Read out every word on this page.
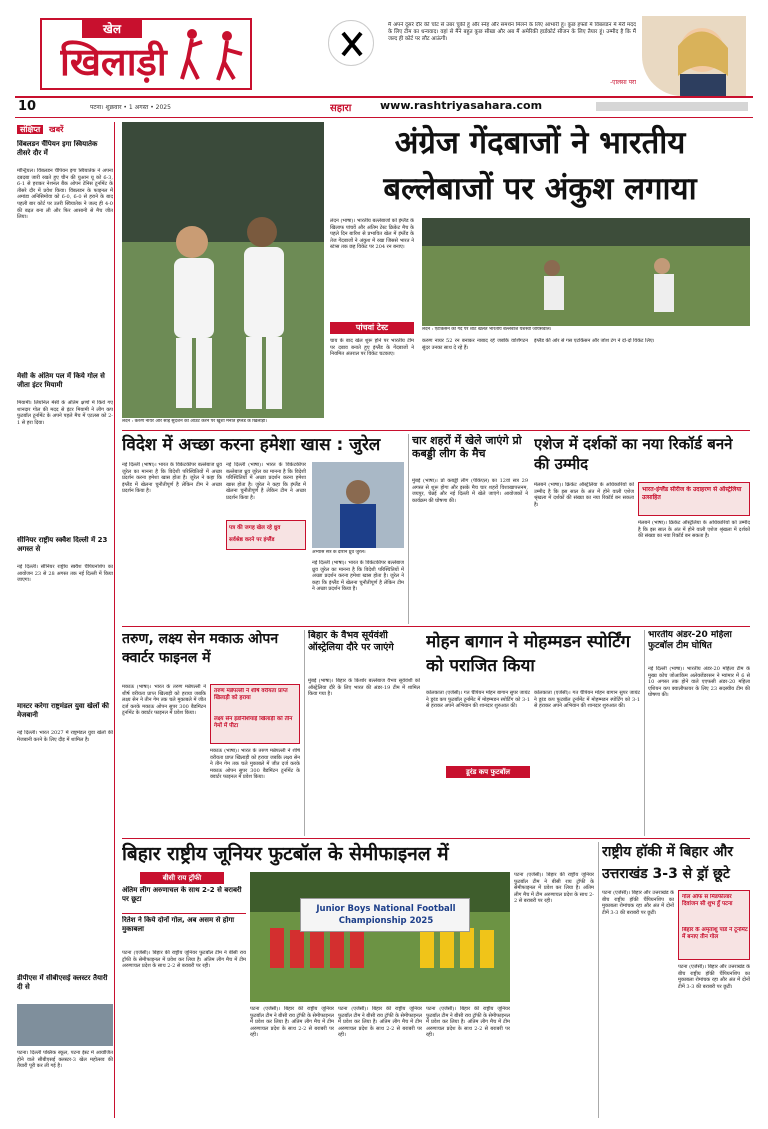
खेल
खिलाड़ी
मैं अपने दूसरे दौर की चोट से उबर चुकी हूं और स्नेह और समर्थन मिलने के लिए आभारी हूं। कुछ हफ्तों में विंबलडन में मेरी मदद के लिए टीम का धन्यवाद। वहां से मैंने बहुत कुछ सीखा और अब मैं अमेरिकी हार्डकोर्ट सीजन के लिए तैयार हूं। उम्मीद है कि मैं जल्द ही कोर्ट पर लौट आऊंगी।
-एलिसा पेरी
10	पटना। शुक्रवार • 1 अगस्त • 2025	सहारा	www.rashtriyasahara.com
संक्षिप्त खबरें
विंबलडन चैंपियन इगा स्वियातेक तीसरे दौर में
मॉन्ट्रियल। विंबलडन चैंपियन इगा स्वियातेक ने अपना दबदबा जारी रखते हुए चीन की युआन यू को 6-3, 6-1 से हराकर नेशनल बैंक ओपन टेनिस टूर्नामेंट के तीसरे दौर में प्रवेश किया। विंबलडन के फाइनल में अमांडा अनिसिमोवा को 6-0, 6-0 से हराने के बाद पहली बार कोर्ट पर उतरी स्वियातेक ने जल्द ही 4-0 की बढ़त बना ली और फिर आसानी से मैच जीत लिया।
मेसी के अंतिम पल में किये गोल से जीता इंटर मियामी
मियामी। लियोनेल मेसी के अंतिम क्षणों में किये गए शानदार गोल की मदद से इंटर मियामी ने लीग कप फुटबॉल टूर्नामेंट के अपने पहले मैच में एटलस को 2-1 से हरा दिया।
सीनियर राष्ट्रीय स्क्वैश दिल्ली में 23 अगस्त से
नई दिल्ली। सीनियर राष्ट्रीय स्क्वैश चैंपियनशिप का आयोजन 23 से 28 अगस्त तक नई दिल्ली में किया जाएगा।
मास्टर करेगा राष्ट्रमंडल युवा खेलों की मेजबानी
नई दिल्ली। भारत 2027 में राष्ट्रमंडल युवा खेलों की मेजबानी करने के लिए दौड़ में शामिल है।
डीपीएस में सीबीएसई क्लस्टर तैयारी दी से
पटना। दिल्ली पब्लिक स्कूल, पटना ईस्ट में आयोजित होने वाले सीबीएसई क्लस्टर-3 खेल महोत्सव की तैयारी पूरी कर ली गई है।
लंदन : करुण नायर और साई सुदर्शन को आउट करने पर खुशी मनाते इंग्लैंड के खिलाड़ी।
अंग्रेज गेंदबाजों ने भारतीय
बल्लेबाजों पर अंकुश लगाया
लंदन (भाषा)। भारतीय बल्लेबाजों को इंग्लैंड के खिलाफ पांचवें और अंतिम टेस्ट क्रिकेट मैच के पहले दिन बारिश से प्रभावित खेल में इंग्लैंड के तेज गेंदबाजों ने अंकुश में रखा जिससे भारत ने स्टंप्स तक छह विकेट पर 204 रन बनाए।
लंदन : एटकिंसन की गेंद पर शॉट खेलते भारतीय बल्लेबाज यशस्वी जायसवाल।
पांचवां टेस्ट
चाय के बाद खेल शुरू होने पर भारतीय टीम पर दबाव बनाते हुए इंग्लैंड के गेंदबाजों ने नियमित अंतराल पर विकेट चटकाए।
करुण नायर 52 रन बनाकर नाबाद रहे जबकि वाशिंगटन सुंदर उनका साथ दे रहे हैं।
इंग्लैंड की ओर से गस एटकिंसन और जोश टंग ने दो-दो विकेट लिए।
विदेश में अच्छा करना हमेशा खास : जुरेल
नई दिल्ली (भाषा)। भारत के विकेटकीपर बल्लेबाज ध्रुव जुरेल का मानना है कि विदेशी परिस्थितियों में अच्छा प्रदर्शन करना हमेशा खास होता है। जुरेल ने कहा कि इंग्लैंड में खेलना चुनौतीपूर्ण है लेकिन टीम ने अच्छा प्रदर्शन किया है।
पत्र की जगह खेल रहे ध्रुव
सर्वश्रेष्ठ करने पर इंग्लैंड
नई दिल्ली (भाषा)। भारत के विकेटकीपर बल्लेबाज ध्रुव जुरेल का मानना है कि विदेशी परिस्थितियों में अच्छा प्रदर्शन करना हमेशा खास होता है। जुरेल ने कहा कि इंग्लैंड में खेलना चुनौतीपूर्ण है लेकिन टीम ने अच्छा प्रदर्शन किया है।
अभ्यास सत्र के दौरान ध्रुव जुरेल।
नई दिल्ली (भाषा)। भारत के विकेटकीपर बल्लेबाज ध्रुव जुरेल का मानना है कि विदेशी परिस्थितियों में अच्छा प्रदर्शन करना हमेशा खास होता है। जुरेल ने कहा कि इंग्लैंड में खेलना चुनौतीपूर्ण है लेकिन टीम ने अच्छा प्रदर्शन किया है।
चार शहरों में खेले जाएंगे प्रो कबड्डी लीग के मैच
मुंबई (भाषा)। प्रो कबड्डी लीग (पीकेएल) का 12वां सत्र 29 अगस्त से शुरू होगा और इसके मैच चार शहरों विशाखापत्तनम, जयपुर, चेन्नई और नई दिल्ली में खेले जाएंगे। आयोजकों ने कार्यक्रम की घोषणा की।
एशेज में दर्शकों का नया रिकॉर्ड बनने की उम्मीद
मेलबर्न (भाषा)। क्रिकेट ऑस्ट्रेलिया के अधिकारियों को उम्मीद है कि इस साल के अंत में होने वाली एशेज श्रृंखला में दर्शकों की संख्या का नया रिकॉर्ड बन सकता है।
भारत-इंग्लैंड सीरीज के उदाहरण से ऑस्ट्रेलिया उत्साहित
मेलबर्न (भाषा)। क्रिकेट ऑस्ट्रेलिया के अधिकारियों को उम्मीद है कि इस साल के अंत में होने वाली एशेज श्रृंखला में दर्शकों की संख्या का नया रिकॉर्ड बन सकता है।
तरुण, लक्ष्य सेन मकाऊ ओपन क्वार्टर फाइनल में
मकाऊ (भाषा)। भारत के तरुण मन्नेपल्ली ने शीर्ष वरीयता प्राप्त खिलाड़ी को हराया जबकि लक्ष्य सेन ने तीन गेम तक चले मुकाबले में जीत दर्ज करके मकाऊ ओपन सुपर 300 बैडमिंटन टूर्नामेंट के क्वार्टर फाइनल में प्रवेश किया।
तरुण मन्नेपल्ली ने शीर्ष वरीयता प्राप्त खिलाड़ी को हराया
लक्ष्य सेन इंडोनेशियाई खिलाड़ी को तीन गेमों में पीटा
मकाऊ (भाषा)। भारत के तरुण मन्नेपल्ली ने शीर्ष वरीयता प्राप्त खिलाड़ी को हराया जबकि लक्ष्य सेन ने तीन गेम तक चले मुकाबले में जीत दर्ज करके मकाऊ ओपन सुपर 300 बैडमिंटन टूर्नामेंट के क्वार्टर फाइनल में प्रवेश किया।
बिहार के वैभव सूर्यवंशी ऑस्ट्रेलिया दौरे पर जाएंगे
मुंबई (भाषा)। बिहार के किशोर बल्लेबाज वैभव सूर्यवंशी को ऑस्ट्रेलिया दौरे के लिए भारत की अंडर-19 टीम में शामिल किया गया है।
मोहन बागान ने मोहम्मडन स्पोर्टिंग को पराजित किया
कोलकाता (एजेंसी)। गत चैंपियन मोहन बागान सुपर जायंट ने डूरंड कप फुटबॉल टूर्नामेंट में मोहम्मडन स्पोर्टिंग को 3-1 से हराकर अपने अभियान की शानदार शुरुआत की।
डूरंड कप फुटबॉल
कोलकाता (एजेंसी)। गत चैंपियन मोहन बागान सुपर जायंट ने डूरंड कप फुटबॉल टूर्नामेंट में मोहम्मडन स्पोर्टिंग को 3-1 से हराकर अपने अभियान की शानदार शुरुआत की।
भारतीय अंडर-20 महिला फुटबॉल टीम घोषित
नई दिल्ली (भाषा)। भारतीय अंडर-20 महिला टीम के मुख्य कोच जोआकिम अलेक्जेंडरसन ने म्यांमार में 6 से 10 अगस्त तक होने वाले एएफसी अंडर-20 महिला एशियन कप क्वालीफायर के लिए 23 सदस्यीय टीम की घोषणा की।
बिहार राष्ट्रीय जूनियर फुटबॉल के सेमीफाइनल में
बीसी राय ट्रॉफी
अंतिम लीग अरुणाचल के साथ 2-2 से बराबरी पर छूटा
रितेश ने किये दोनों गोल, अब असम से होगा मुकाबला
पटना (एजेंसी)। बिहार की राष्ट्रीय जूनियर फुटबॉल टीम ने बीसी राय ट्रॉफी के सेमीफाइनल में प्रवेश कर लिया है। अंतिम लीग मैच में टीम अरुणाचल प्रदेश के साथ 2-2 से बराबरी पर रही।
Junior Boys National Football Championship 2025
पटना (एजेंसी)। बिहार की राष्ट्रीय जूनियर फुटबॉल टीम ने बीसी राय ट्रॉफी के सेमीफाइनल में प्रवेश कर लिया है। अंतिम लीग मैच में टीम अरुणाचल प्रदेश के साथ 2-2 से बराबरी पर रही।
पटना (एजेंसी)। बिहार की राष्ट्रीय जूनियर फुटबॉल टीम ने बीसी राय ट्रॉफी के सेमीफाइनल में प्रवेश कर लिया है। अंतिम लीग मैच में टीम अरुणाचल प्रदेश के साथ 2-2 से बराबरी पर रही।
पटना (एजेंसी)। बिहार की राष्ट्रीय जूनियर फुटबॉल टीम ने बीसी राय ट्रॉफी के सेमीफाइनल में प्रवेश कर लिया है। अंतिम लीग मैच में टीम अरुणाचल प्रदेश के साथ 2-2 से बराबरी पर रही।
पटना (एजेंसी)। बिहार की राष्ट्रीय जूनियर फुटबॉल टीम ने बीसी राय ट्रॉफी के सेमीफाइनल में प्रवेश कर लिया है। अंतिम लीग मैच में टीम अरुणाचल प्रदेश के साथ 2-2 से बराबरी पर रही।
राष्ट्रीय हॉकी में बिहार और
उत्तराखंड 3-3 से ड्रॉ छूटे
पटना (एजेंसी)। बिहार और उत्तराखंड के बीच राष्ट्रीय हॉकी चैंपियनशिप का मुकाबला रोमांचक रहा और अंत में दोनों टीमें 3-3 की बराबरी पर छूटीं।
गोल ऑफ स मिडफील्डर दिवांजन सी शुभ हुँ पटना
बिहार के अमृतांशु पांडे ने टूर्नामेंट में बनाए तीन गोल
पटना (एजेंसी)। बिहार और उत्तराखंड के बीच राष्ट्रीय हॉकी चैंपियनशिप का मुकाबला रोमांचक रहा और अंत में दोनों टीमें 3-3 की बराबरी पर छूटीं।
